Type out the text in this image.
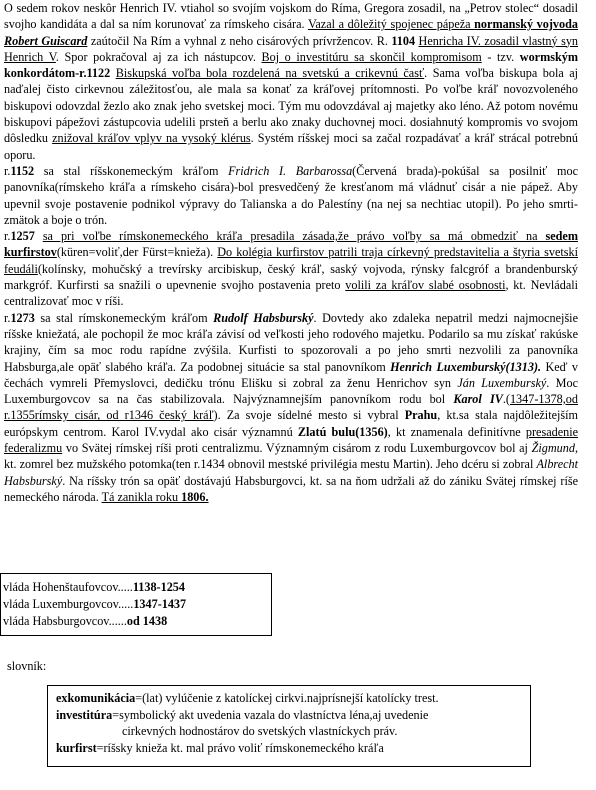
O sedem rokov neskôr Henrich IV. vtiahol so svojím vojskom do Ríma, Gregora zosadil, na „Petrov stolec“ dosadil svojho kandidáta a dal sa ním korunovať za rímskeho cisára. Vazal a dôležitý spojenec pápeža normanský vojvoda Robert Guiscard zaútočil Na Rím a vyhnal z neho cisárových prívržencov. R. 1104 Henricha IV. zosadil vlastný syn Henrich V. Spor pokračoval aj za ich nástupcov. Boj o investitúru sa skončil kompromisom - tzv. wormským konkordátom-r.1122 Biskupská voľba bola rozdelená na svetskú a crikevnú časť. Sama voľba biskupa bola aj naďalej čisto cirkevnou záležitosťou, ale mala sa konať za kráľovej prítomnosti. Po voľbe kráľ novozvoleného biskupovi odovzdal žezlo ako znak jeho svetskej moci. Tým mu odovzdával aj majetky ako léno. Až potom novému biskupovi pápežovi zástupcovia udelili prsteň a berlu ako znaky duchovnej moci. dosiahnutý kompromis vo svojom dôsledku znižoval kráľov vplyv na vysoký klérus. Systém ríšskej moci sa začal rozpadávať a kráľ strácal potrebnú oporu.

r.1152 sa stal ríšskonemeckým kráľom Fridrich I. Barbarossa(Červená brada)-pokúšal sa posilniť moc panovníka(rímskeho kráľa a rímskeho cisára)-bol presvedčený že kresťanom má vládnuť cisár a nie pápež. Aby upevnil svoje postavenie podnikol výpravy do Talianska a do Palestíny (na nej sa nechtiac utopil). Po jeho smrti- zmätok a boje o trón.

r.1257 sa pri voľbe rímskonemeckého kráľa presadila zásada,že právo voľby sa má obmedziť na sedem kurfirstov(küren=voliť,der Fürst=knieža). Do kolégia kurfirstov patrili traja církevný predstavitelia a štyria svetskí feudáli(kolínsky, mohučský a trevírsky arcibiskup, český kráľ, saský vojvoda, rýnsky falcgróf a brandenburský markgróf. Kurfirsti sa snažili o upevnenie svojho postavenia preto volili za kráľov slabé osobnosti, kt. Nevládali centralizovať moc v ríši.

r.1273 sa stal rímskonemeckým kráľom Rudolf Habsburský. Dovtedy ako zdaleka nepatril medzi najmocnejšie ríšske kniežatá, ale pochopil že moc kráľa závisí od veľkosti jeho rodového majetku. Podarilo sa mu získať rakúske krajiny, čím sa moc rodu rapídne zvýšila. Kurfisti to spozorovali a po jeho smrti nezvolili za panovníka Habsburga,ale opäť slabého kráľa. Za podobnej situácie sa stal panovníkom Henrich Luxemburský(1313). Keď v čechách vymreli Přemyslovci, dedičku trónu Elišku si zobral za ženu Henrichov syn Ján Luxemburský. Moc Luxemburgovcov sa na čas stabilizovala. Najvýznamnejším panovníkom rodu bol Karol IV.(1347-1378,od r.1355rímsky cisár, od r1346 český kráľ). Za svoje sídelné mesto si vybral Prahu, kt.sa stala najdôležitejším európskym centrom. Karol IV.vydal ako cisár významnú Zlatú bulu(1356), kt znamenala definitívne presadenie federalizmu vo Svätej rímskej ríši proti centralizmu. Významným cisárom z rodu Luxemburgovcov bol aj Žigmund, kt. zomrel bez mužského potomka(ten r.1434 obnovil mestské privilégia mestu Martin). Jeho dcéru si zobral Albrecht Habsburský. Na ríšsky trón sa opäť dostávajú Habsburgovci, kt. sa na ňom udržali až do zániku Svätej rímskej ríše nemeckého národa. Tá zanikla roku 1806.

vláda Hohenštaufovcov.....1138-1254
vláda Luxemburgovcov.....1347-1437
vláda Habsburgovcov......od 1438
slovník:

exkomunikácia=(lat) vylúčenie z katolíckej cirkvi.najprísnejší katolícky trest.

investitúra=symbolický akt uvedenia vazala do vlastníctva léna,aj uvedenie

cirkevných hodnostárov do svetských vlastníckych práv.

kurfirst=ríšsky knieža kt. mal právo voliť rímskonemeckého kráľa
